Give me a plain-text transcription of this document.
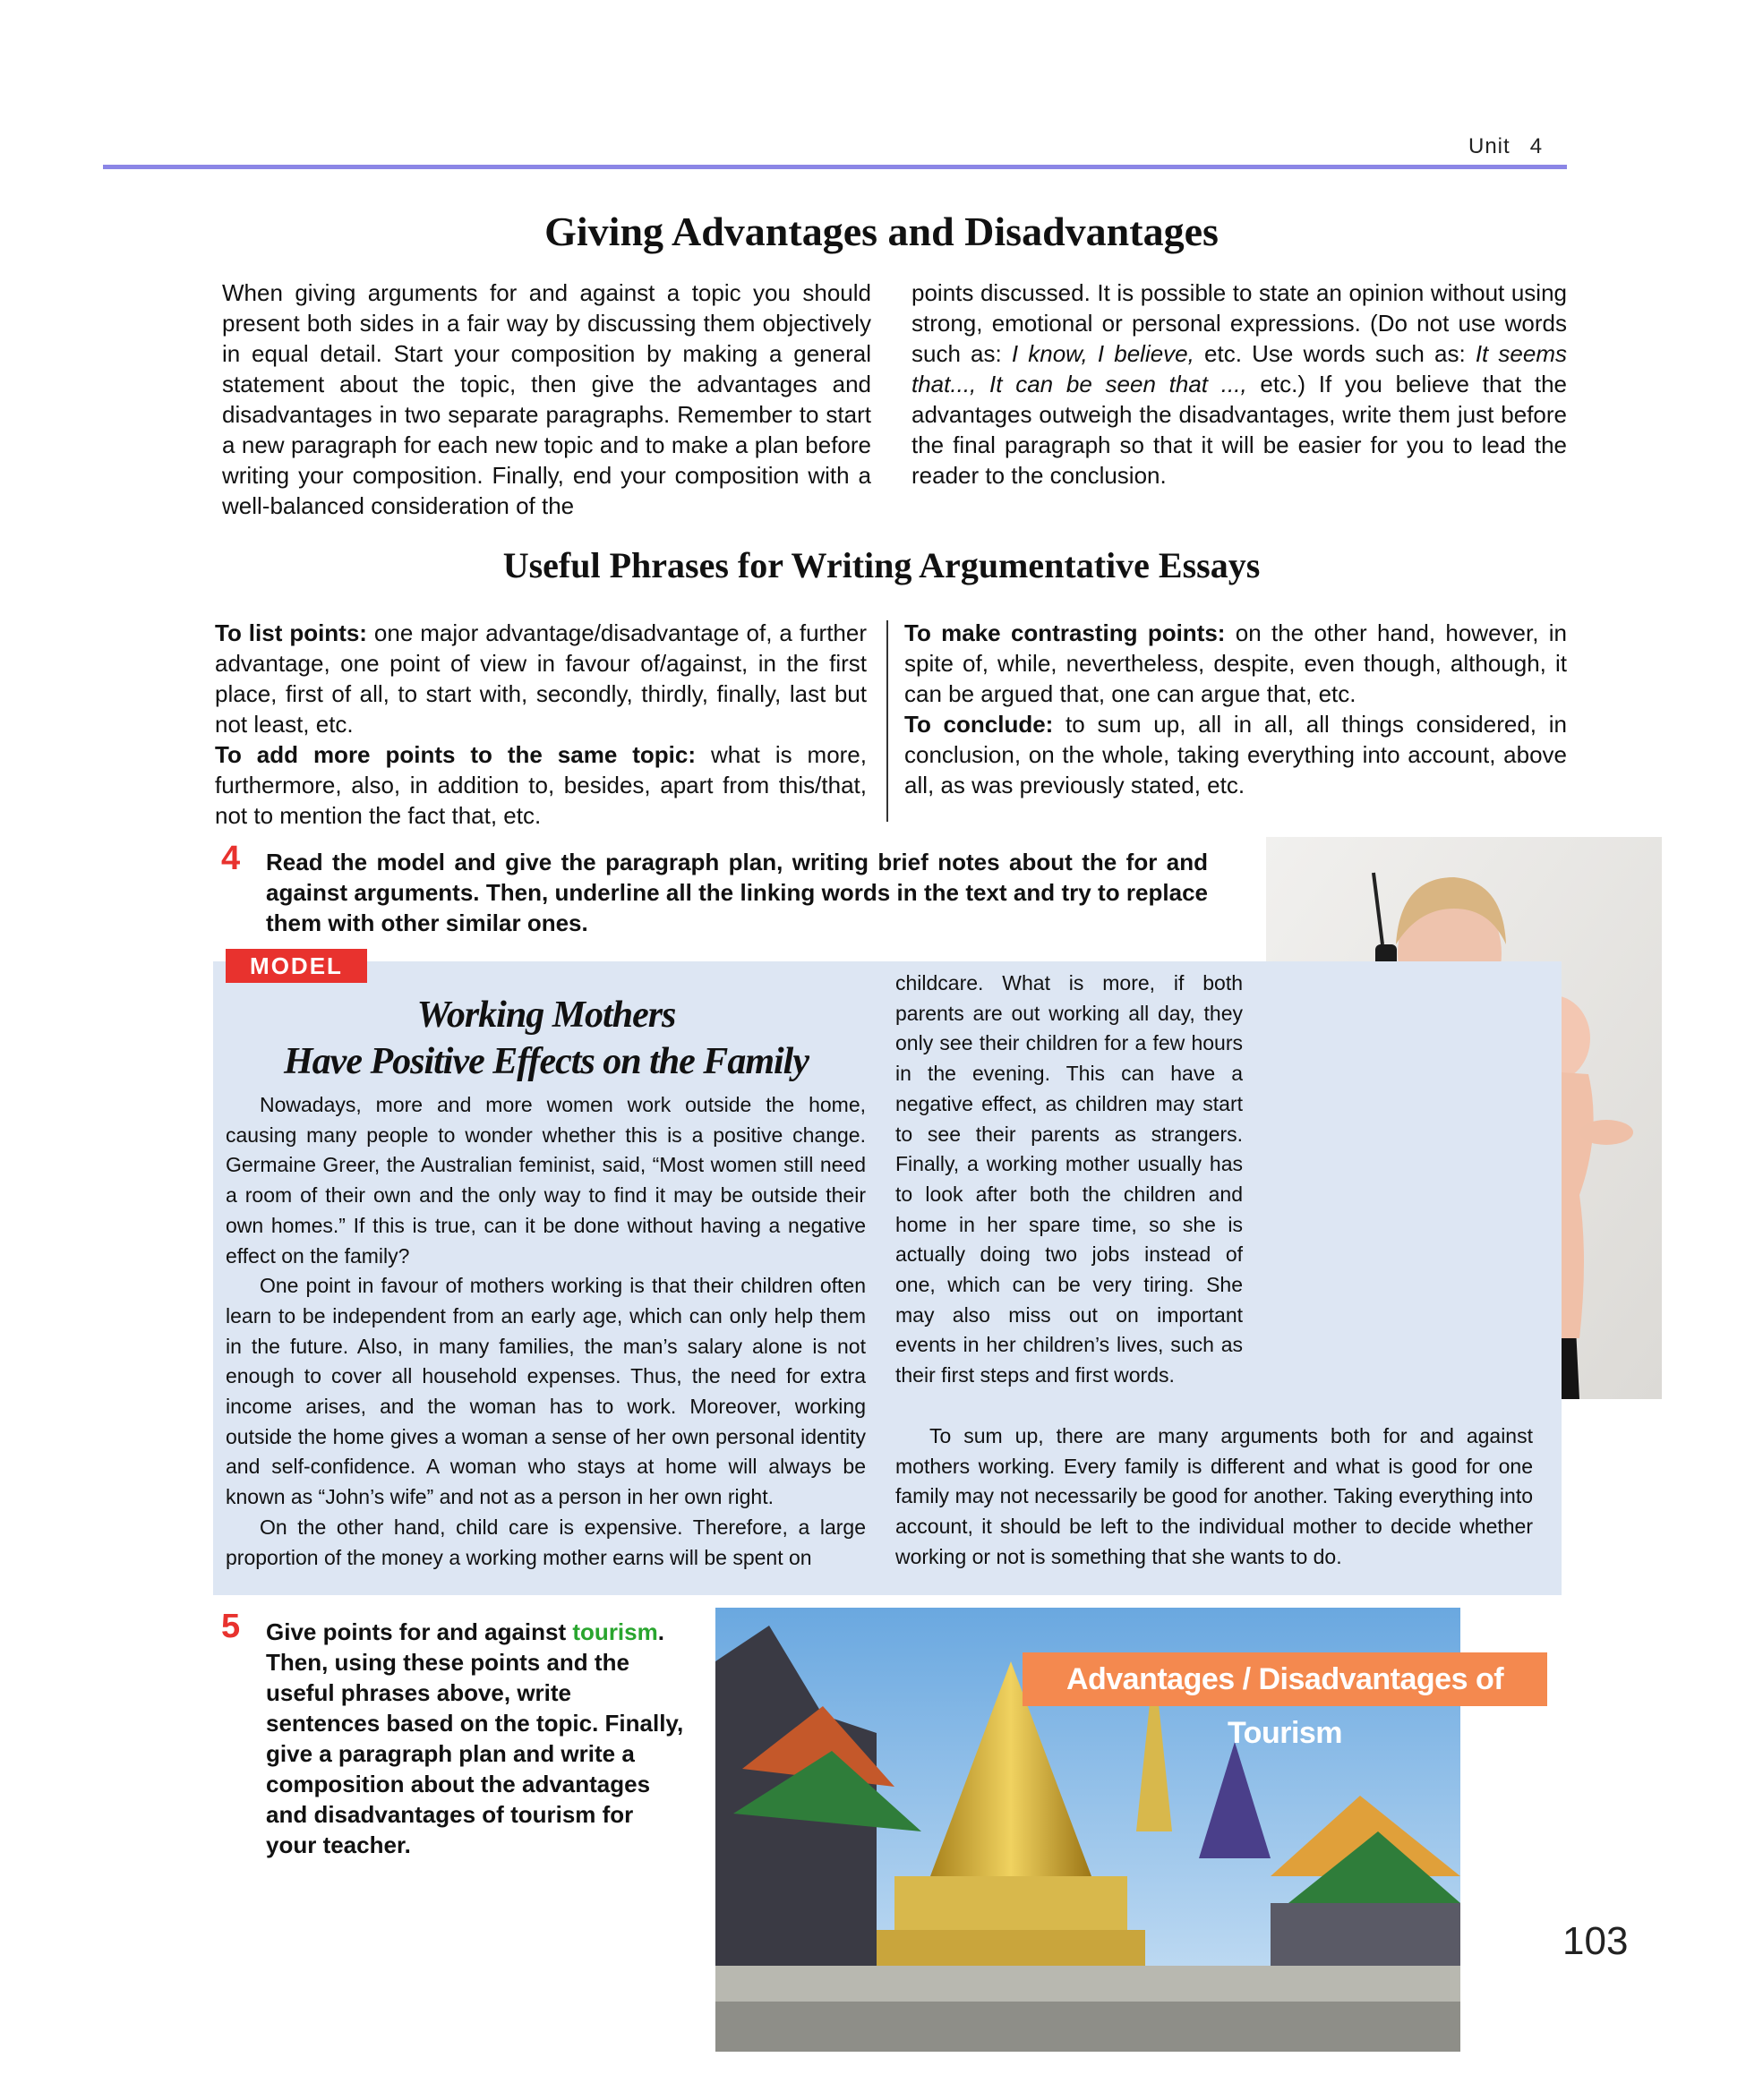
Unit 4
Giving Advantages and Disadvantages

When giving arguments for and against a topic you should present both sides in a fair way by discussing them objectively in equal detail. Start your composition by making a general statement about the topic, then give the advantages and disadvantages in two separate paragraphs. Remember to start a new paragraph for each new topic and to make a plan before writing your composition. Finally, end your composition with a well-balanced consideration of the

points discussed. It is possible to state an opinion without using strong, emotional or personal expressions. (Do not use words such as: I know, I believe, etc. Use words such as: It seems that..., It can be seen that ..., etc.) If you believe that the advantages outweigh the disadvantages, write them just before the final paragraph so that it will be easier for you to lead the reader to the conclusion.

Useful Phrases for Writing Argumentative Essays

To list points: one major advantage/disadvantage of, a further advantage, one point of view in favour of/against, in the first place, first of all, to start with, secondly, thirdly, finally, last but not least, etc.

To add more points to the same topic: what is more, furthermore, also, in addition to, besides, apart from this/that, not to mention the fact that, etc.

To make contrasting points: on the other hand, however, in spite of, while, nevertheless, despite, even though, although, it can be argued that, one can argue that, etc.

To conclude: to sum up, all in all, all things considered, in conclusion, on the whole, taking everything into account, above all, as was previously stated, etc.

4 Read the model and give the paragraph plan, writing brief notes about the for and against arguments. Then, underline all the linking words in the text and try to replace them with other similar ones.
MODEL
Working Mothers
Have Positive Effects on the Family

Nowadays, more and more women work outside the home, causing many people to wonder whether this is a positive change. Germaine Greer, the Australian feminist, said, “Most women still need a room of their own and the only way to find it may be outside their own homes.” If this is true, can it be done without having a negative effect on the family?

One point in favour of mothers working is that their children often learn to be independent from an early age, which can only help them in the future. Also, in many families, the man’s salary alone is not enough to cover all household expenses. Thus, the need for extra income arises, and the woman has to work. Moreover, working outside the home gives a woman a sense of her own personal identity and self-confidence. A woman who stays at home will always be known as “John’s wife” and not as a person in her own right.

On the other hand, child care is expensive. Therefore, a large proportion of the money a working mother earns will be spent on

childcare. What is more, if both parents are out working all day, they only see their children for a few hours in the evening. This can have a negative effect, as children may start to see their parents as strangers. Finally, a working mother usually has to look after both the children and home in her spare time, so she is actually doing two jobs instead of one, which can be very tiring. She may also miss out on important events in her children’s lives, such as their first steps and first words.

To sum up, there are many arguments both for and against mothers working. Every family is different and what is good for one family may not necessarily be good for another. Taking everything into account, it should be left to the individual mother to decide whether working or not is something that she wants to do.

5 Give points for and against tourism. Then, using these points and the useful phrases above, write sentences based on the topic. Finally, give a paragraph plan and write a composition about the advantages and disadvantages of tourism for your teacher.
Advantages / Disadvantages of Tourism
103
